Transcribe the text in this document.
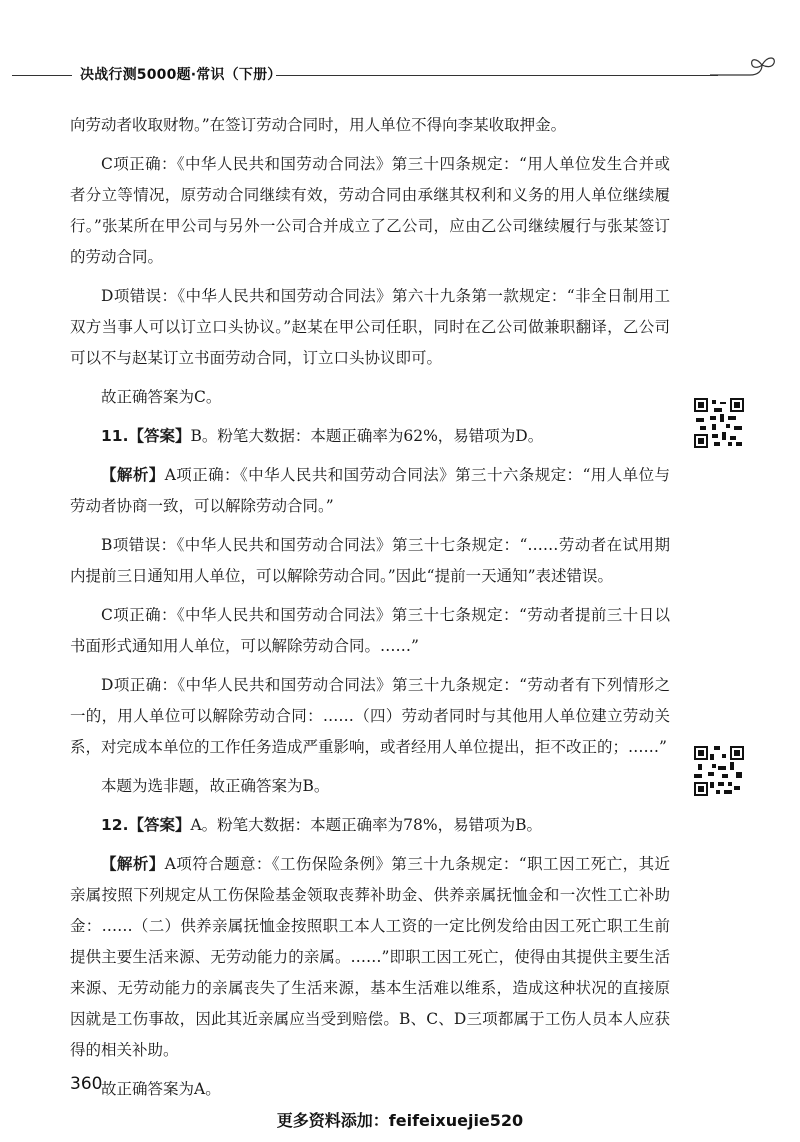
决战行测5000题·常识（下册）

向劳动者收取财物。”在签订劳动合同时，用人单位不得向李某收取押金。

C项正确：《中华人民共和国劳动合同法》第三十四条规定：“用人单位发生合并或者分立等情况，原劳动合同继续有效，劳动合同由承继其权利和义务的用人单位继续履行。”张某所在甲公司与另外一公司合并成立了乙公司，应由乙公司继续履行与张某签订的劳动合同。

D项错误：《中华人民共和国劳动合同法》第六十九条第一款规定：“非全日制用工双方当事人可以订立口头协议。”赵某在甲公司任职，同时在乙公司做兼职翻译，乙公司可以不与赵某订立书面劳动合同，订立口头协议即可。

故正确答案为C。

11.【答案】B。粉笔大数据：本题正确率为62%，易错项为D。

【解析】A项正确：《中华人民共和国劳动合同法》第三十六条规定：“用人单位与劳动者协商一致，可以解除劳动合同。”

B项错误：《中华人民共和国劳动合同法》第三十七条规定：“……劳动者在试用期内提前三日通知用人单位，可以解除劳动合同。”因此“提前一天通知”表述错误。

C项正确：《中华人民共和国劳动合同法》第三十七条规定：“劳动者提前三十日以书面形式通知用人单位，可以解除劳动合同。……”

D项正确：《中华人民共和国劳动合同法》第三十九条规定：“劳动者有下列情形之一的，用人单位可以解除劳动合同：……（四）劳动者同时与其他用人单位建立劳动关系，对完成本单位的工作任务造成严重影响，或者经用人单位提出，拒不改正的；……”

本题为选非题，故正确答案为B。

12.【答案】A。粉笔大数据：本题正确率为78%，易错项为B。

【解析】A项符合题意：《工伤保险条例》第三十九条规定：“职工因工死亡，其近亲属按照下列规定从工伤保险基金领取丧葬补助金、供养亲属抚恤金和一次性工亡补助金：……（二）供养亲属抚恤金按照职工本人工资的一定比例发给由因工死亡职工生前提供主要生活来源、无劳动能力的亲属。……”即职工因工死亡，使得由其提供主要生活来源、无劳动能力的亲属丧失了生活来源，基本生活难以维系，造成这种状况的直接原因就是工伤事故，因此其近亲属应当受到赔偿。B、C、D三项都属于工伤人员本人应获得的相关补助。

故正确答案为A。

360
更多资料添加：feifeixuejie520
